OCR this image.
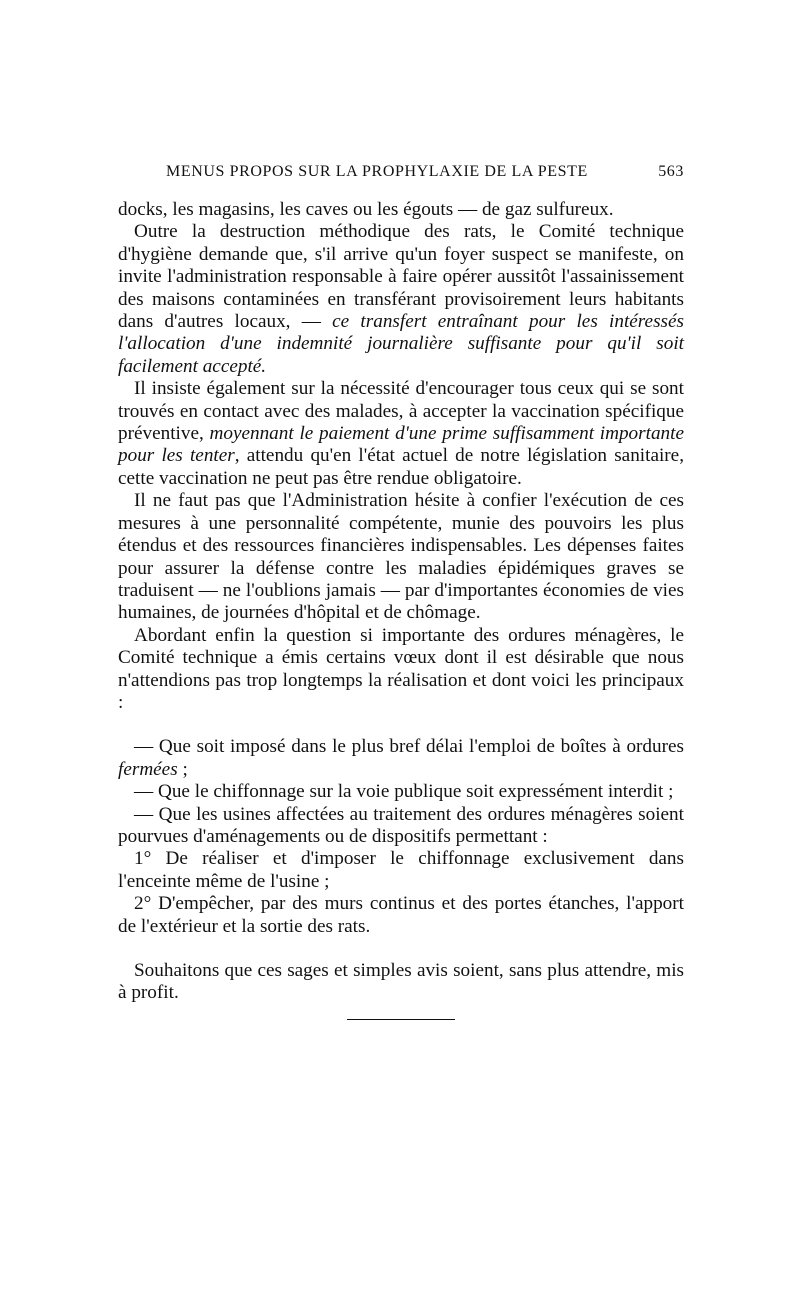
MENUS PROPOS SUR LA PROPHYLAXIE DE LA PESTE	563

docks, les magasins, les caves ou les égouts — de gaz sulfureux.

Outre la destruction méthodique des rats, le Comité technique d'hygiène demande que, s'il arrive qu'un foyer suspect se manifeste, on invite l'administration responsable à faire opérer aussitôt l'assainissement des maisons contaminées en transférant provisoirement leurs habitants dans d'autres locaux, — ce transfert entraînant pour les intéressés l'allocation d'une indemnité journalière suffisante pour qu'il soit facilement accepté.

Il insiste également sur la nécessité d'encourager tous ceux qui se sont trouvés en contact avec des malades, à accepter la vaccination spécifique préventive, moyennant le paiement d'une prime suffisamment importante pour les tenter, attendu qu'en l'état actuel de notre législation sanitaire, cette vaccination ne peut pas être rendue obligatoire.

Il ne faut pas que l'Administration hésite à confier l'exécution de ces mesures à une personnalité compétente, munie des pouvoirs les plus étendus et des ressources financières indispensables. Les dépenses faites pour assurer la défense contre les maladies épidémiques graves se traduisent — ne l'oublions jamais — par d'importantes économies de vies humaines, de journées d'hôpital et de chômage.

Abordant enfin la question si importante des ordures ménagères, le Comité technique a émis certains vœux dont il est désirable que nous n'attendions pas trop longtemps la réalisation et dont voici les principaux :

— Que soit imposé dans le plus bref délai l'emploi de boîtes à ordures fermées ;

— Que le chiffonnage sur la voie publique soit expressément interdit ;

— Que les usines affectées au traitement des ordures ménagères soient pourvues d'aménagements ou de dispositifs permettant :

1° De réaliser et d'imposer le chiffonnage exclusivement dans l'enceinte même de l'usine ;

2° D'empêcher, par des murs continus et des portes étanches, l'apport de l'extérieur et la sortie des rats.

Souhaitons que ces sages et simples avis soient, sans plus attendre, mis à profit.
